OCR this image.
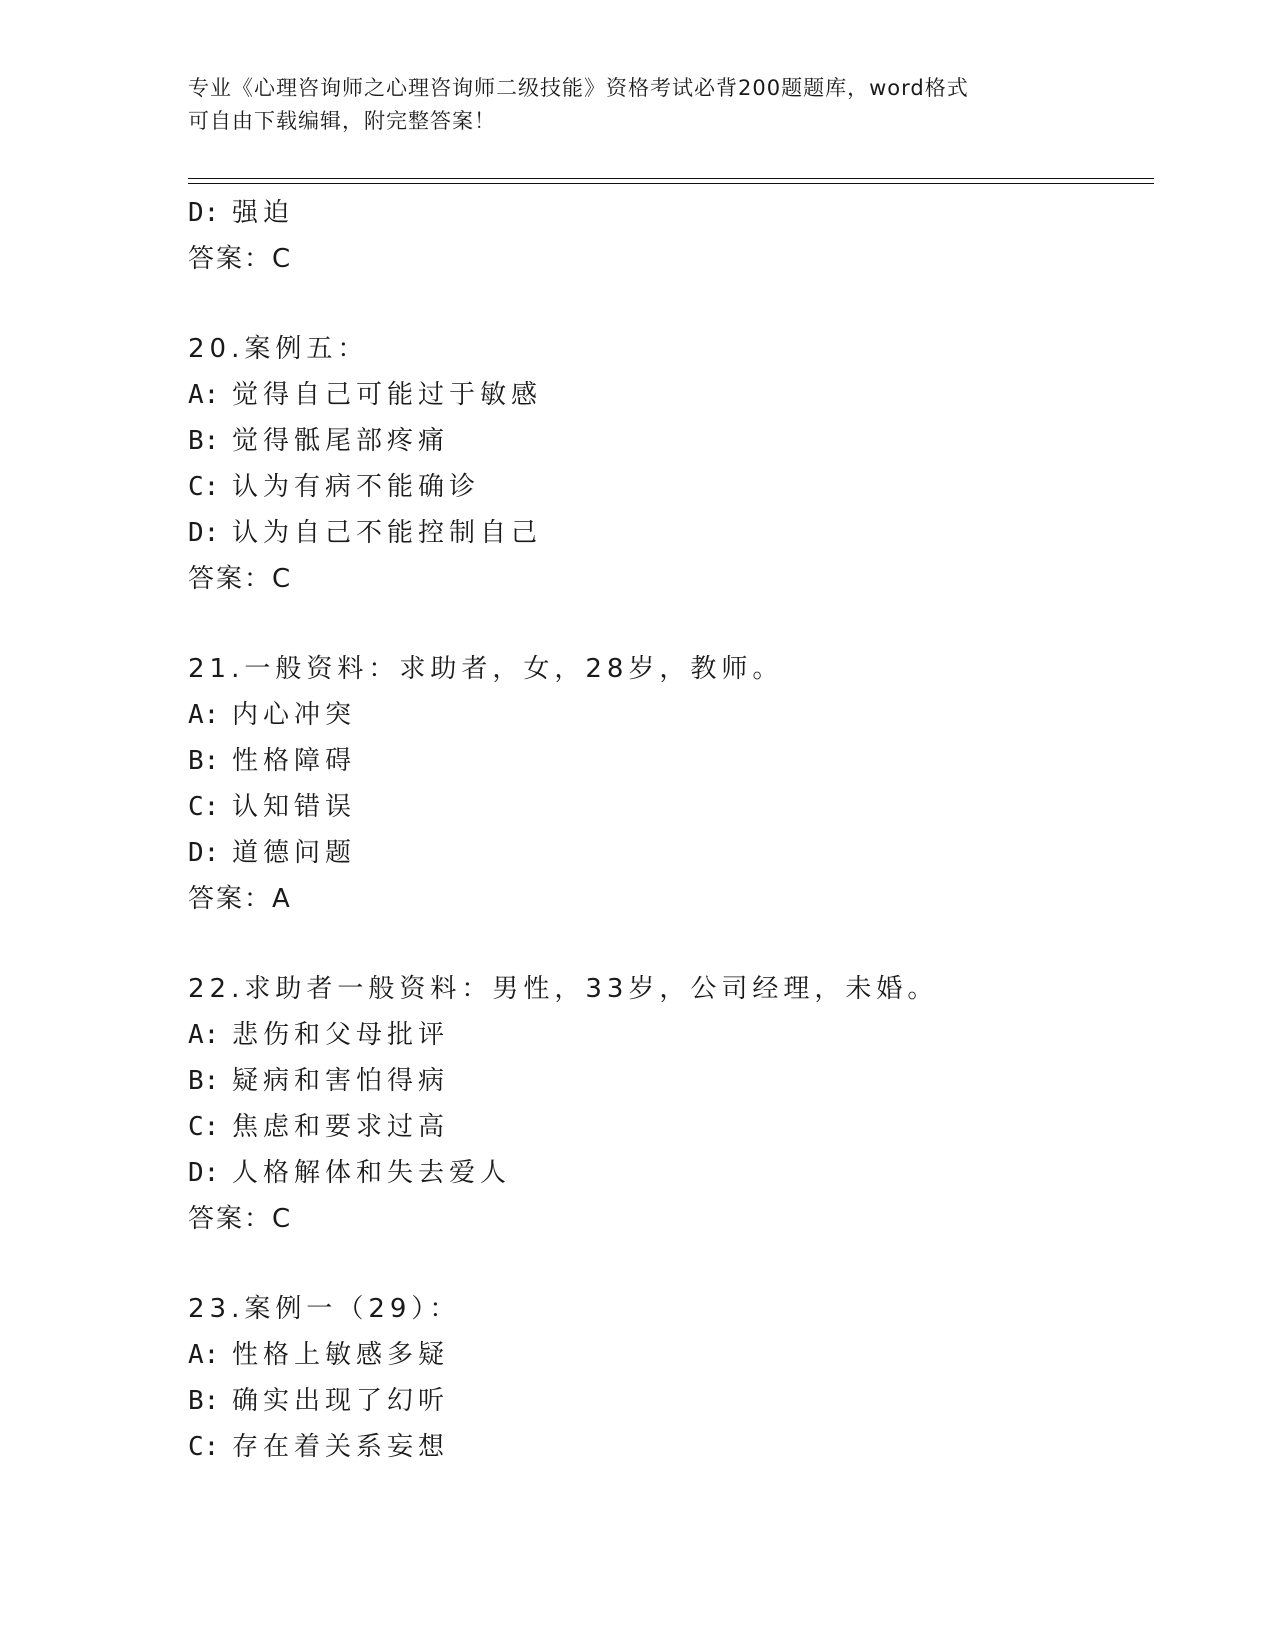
专业《心理咨询师之心理咨询师二级技能》资格考试必背200题题库，word格式
可自由下载编辑，附完整答案！
D: 强迫
答案：C
20.案例五：
A: 觉得自己可能过于敏感
B: 觉得骶尾部疼痛
C: 认为有病不能确诊
D: 认为自己不能控制自己
答案：C
21.一般资料：求助者，女，28岁，教师。
A: 内心冲突
B: 性格障碍
C: 认知错误
D: 道德问题
答案：A
22.求助者一般资料：男性，33岁，公司经理，未婚。
A: 悲伤和父母批评
B: 疑病和害怕得病
C: 焦虑和要求过高
D: 人格解体和失去爱人
答案：C
23.案例一（29）：
A: 性格上敏感多疑
B: 确实出现了幻听
C: 存在着关系妄想
